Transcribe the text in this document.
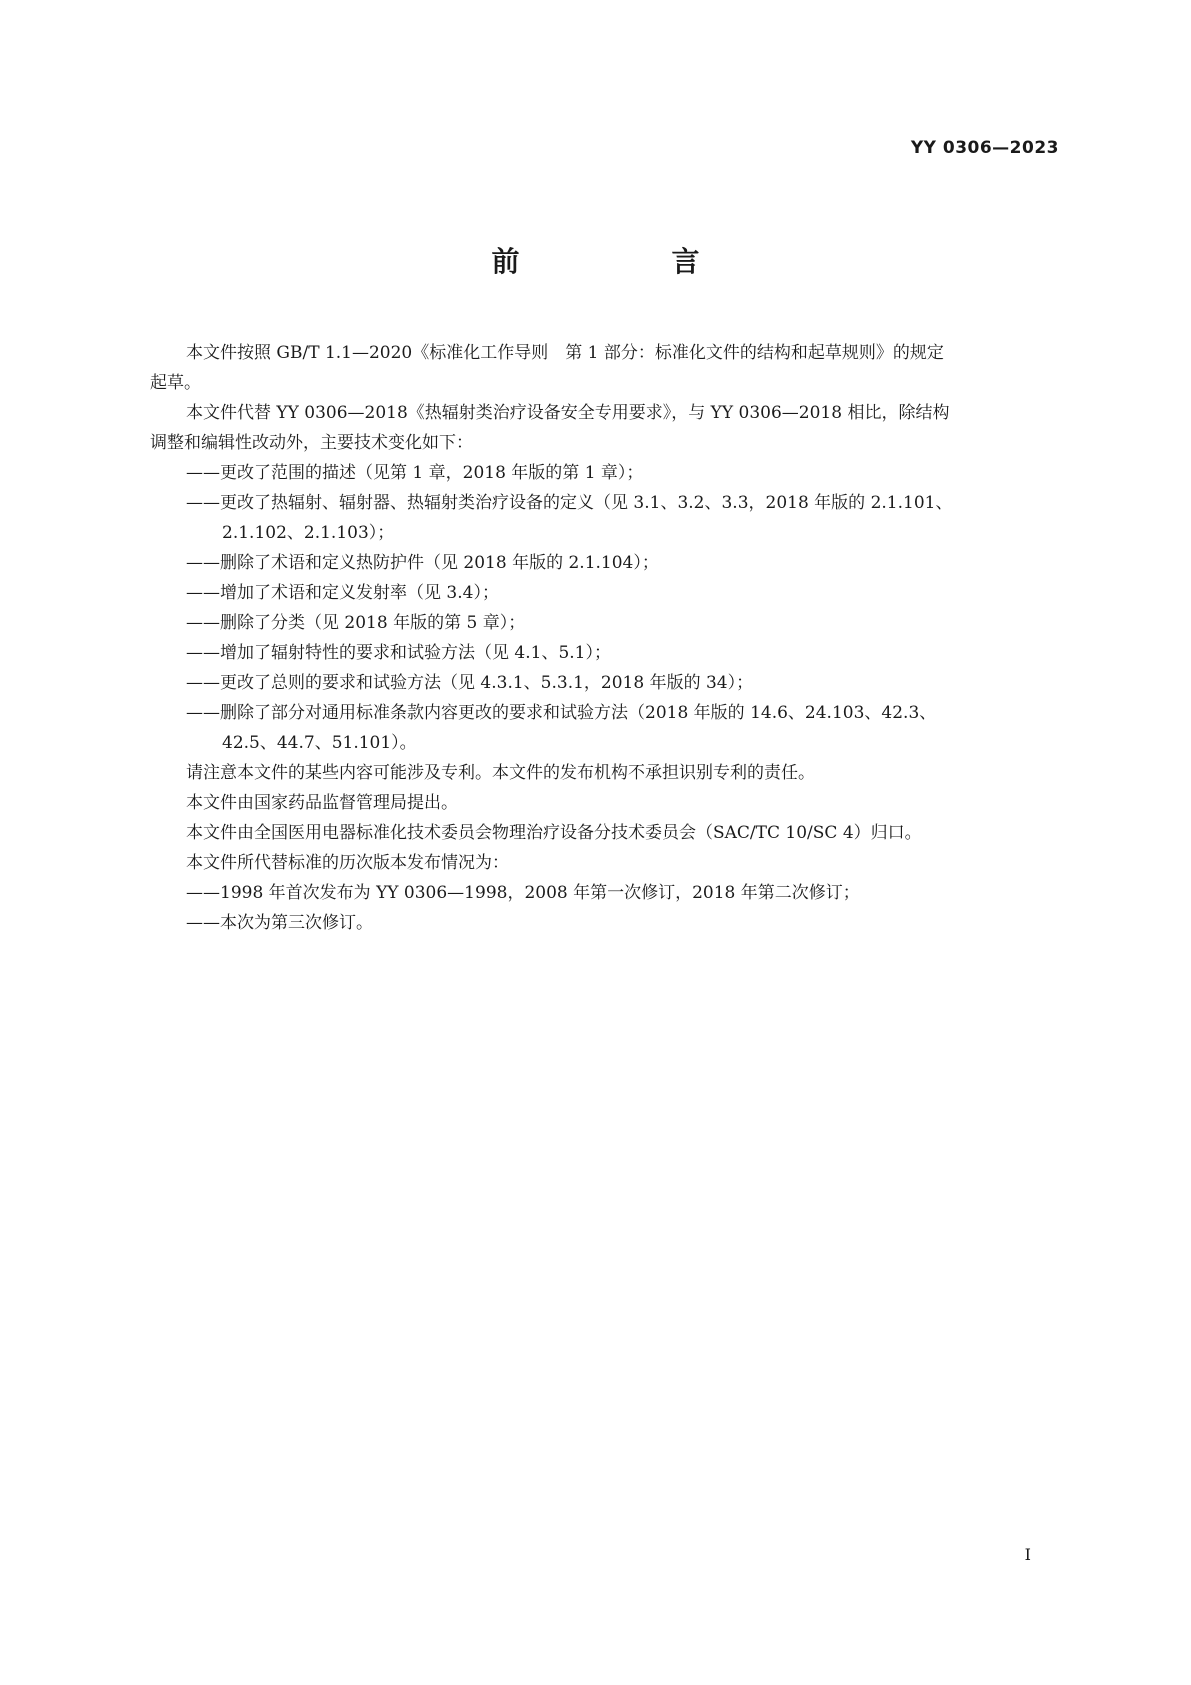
YY 0306—2023
前　言
本文件按照 GB/T 1.1—2020《标准化工作导则　第 1 部分：标准化文件的结构和起草规则》的规定
起草。
本文件代替 YY 0306—2018《热辐射类治疗设备安全专用要求》，与 YY 0306—2018 相比，除结构
调整和编辑性改动外，主要技术变化如下：
——更改了范围的描述（见第 1 章，2018 年版的第 1 章）；
——更改了热辐射、辐射器、热辐射类治疗设备的定义（见 3.1、3.2、3.3，2018 年版的 2.1.101、
2.1.102、2.1.103）；
——删除了术语和定义热防护件（见 2018 年版的 2.1.104）；
——增加了术语和定义发射率（见 3.4）；
——删除了分类（见 2018 年版的第 5 章）；
——增加了辐射特性的要求和试验方法（见 4.1、5.1）；
——更改了总则的要求和试验方法（见 4.3.1、5.3.1，2018 年版的 34）；
——删除了部分对通用标准条款内容更改的要求和试验方法（2018 年版的 14.6、24.103、42.3、
42.5、44.7、51.101）。
请注意本文件的某些内容可能涉及专利。本文件的发布机构不承担识别专利的责任。
本文件由国家药品监督管理局提出。
本文件由全国医用电器标准化技术委员会物理治疗设备分技术委员会（SAC/TC 10/SC 4）归口。
本文件所代替标准的历次版本发布情况为：
——1998 年首次发布为 YY 0306—1998，2008 年第一次修订，2018 年第二次修订；
——本次为第三次修订。
I
